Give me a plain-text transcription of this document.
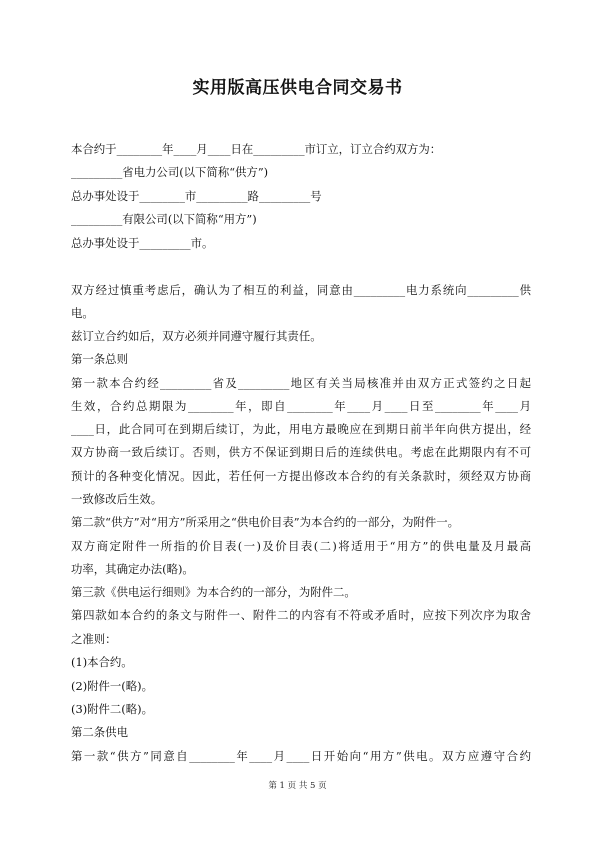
实用版高压供电合同交易书
本合约于________年____月____日在_________市订立，订立合约双方为：
_________省电力公司(以下简称“供方”)
总办事处设于________市_________路_________号
_________有限公司(以下简称“用方”)
总办事处设于_________市。
双方经过慎重考虑后，确认为了相互的利益，同意由_________电力系统向_________供
电。
兹订立合约如后，双方必须并同遵守履行其责任。
第一条总则
第一款本合约经_________省及_________地区有关当局核准并由双方正式签约之日起
生效，合约总期限为________年，即自________年____月____日至________年____月
____日，此合同可在到期后续订，为此，用电方最晚应在到期日前半年向供方提出，经
双方协商一致后续订。否则，供方不保证到期日后的连续供电。考虑在此期限内有不可
预计的各种变化情况。因此，若任何一方提出修改本合约的有关条款时，须经双方协商
一致修改后生效。
第二款“供方”对“用方”所采用之“供电价目表”为本合约的一部分，为附件一。
双方商定附件一所指的价目表(一)及价目表(二)将适用于“用方”的供电量及月最高
功率，其确定办法(略)。
第三款《供电运行细则》为本合约的一部分，为附件二。
第四款如本合约的条文与附件一、附件二的内容有不符或矛盾时，应按下列次序为取舍
之准则：
(1)本合约。
(2)附件一(略)。
(3)附件二(略)。
第二条供电
第一款“供方”同意自________年____月____日开始向“用方”供电。双方应遵守合约
第 1 页 共 5 页
